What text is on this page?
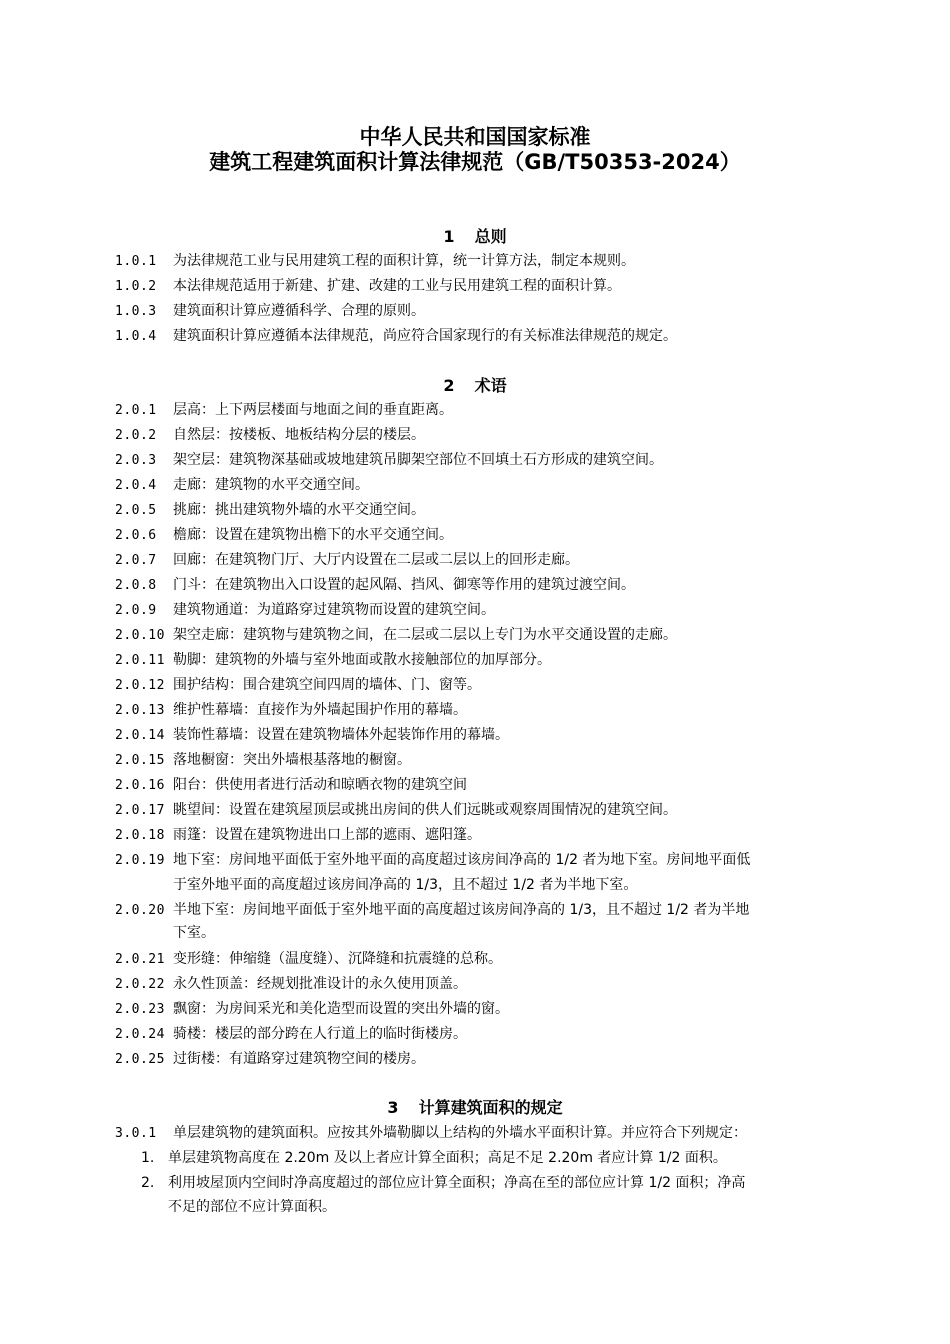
中华人民共和国国家标准
建筑工程建筑面积计算法律规范（GB/T50353-2024）
1 总则
1.0.1 为法律规范工业与民用建筑工程的面积计算，统一计算方法，制定本规则。
1.0.2 本法律规范适用于新建、扩建、改建的工业与民用建筑工程的面积计算。
1.0.3 建筑面积计算应遵循科学、合理的原则。
1.0.4 建筑面积计算应遵循本法律规范，尚应符合国家现行的有关标准法律规范的规定。
2 术语
2.0.1 层高：上下两层楼面与地面之间的垂直距离。
2.0.2 自然层：按楼板、地板结构分层的楼层。
2.0.3 架空层：建筑物深基础或坡地建筑吊脚架空部位不回填土石方形成的建筑空间。
2.0.4 走廊：建筑物的水平交通空间。
2.0.5 挑廊：挑出建筑物外墙的水平交通空间。
2.0.6 檐廊：设置在建筑物出檐下的水平交通空间。
2.0.7 回廊：在建筑物门厅、大厅内设置在二层或二层以上的回形走廊。
2.0.8 门斗：在建筑物出入口设置的起风隔、挡风、御寒等作用的建筑过渡空间。
2.0.9 建筑物通道：为道路穿过建筑物而设置的建筑空间。
2.0.10 架空走廊：建筑物与建筑物之间，在二层或二层以上专门为水平交通设置的走廊。
2.0.11 勒脚：建筑物的外墙与室外地面或散水接触部位的加厚部分。
2.0.12 围护结构：围合建筑空间四周的墙体、门、窗等。
2.0.13 维护性幕墙：直接作为外墙起围护作用的幕墙。
2.0.14 装饰性幕墙：设置在建筑物墙体外起装饰作用的幕墙。
2.0.15 落地橱窗：突出外墙根基落地的橱窗。
2.0.16 阳台：供使用者进行活动和晾晒衣物的建筑空间
2.0.17 眺望间：设置在建筑屋顶层或挑出房间的供人们远眺或观察周围情况的建筑空间。
2.0.18 雨篷：设置在建筑物进出口上部的遮雨、遮阳篷。
2.0.19 地下室：房间地平面低于室外地平面的高度超过该房间净高的 1/2 者为地下室。房间地平面低
于室外地平面的高度超过该房间净高的 1/3，且不超过 1/2 者为半地下室。
2.0.20 半地下室：房间地平面低于室外地平面的高度超过该房间净高的 1/3，且不超过 1/2 者为半地
下室。
2.0.21 变形缝：伸缩缝（温度缝）、沉降缝和抗震缝的总称。
2.0.22 永久性顶盖：经规划批准设计的永久使用顶盖。
2.0.23 飘窗：为房间采光和美化造型而设置的突出外墙的窗。
2.0.24 骑楼：楼层的部分跨在人行道上的临时街楼房。
2.0.25 过街楼：有道路穿过建筑物空间的楼房。
3 计算建筑面积的规定
3.0.1 单层建筑物的建筑面积。应按其外墙勒脚以上结构的外墙水平面积计算。并应符合下列规定：
1. 单层建筑物高度在 2.20m 及以上者应计算全面积；高足不足 2.20m 者应计算 1/2 面积。
2. 利用坡屋顶内空间时净高度超过的部位应计算全面积；净高在至的部位应计算 1/2 面积；净高
不足的部位不应计算面积。
